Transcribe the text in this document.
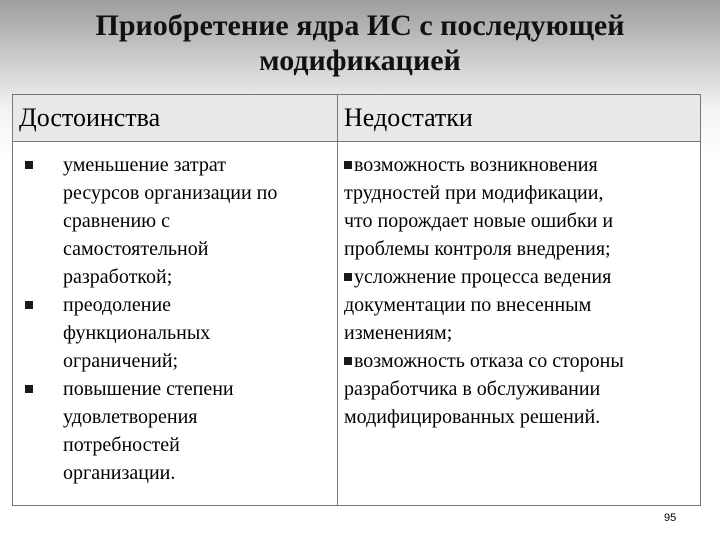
Приобретение ядра ИС с последующей
модификацией
Достоинства	Недостатки
уменьшение затрат
ресурсов организации по
сравнению с
самостоятельной
разработкой;
преодоление
функциональных
ограничений;
повышение степени
удовлетворения
потребностей
организации.
возможность возникновения
трудностей при модификации,
что порождает новые ошибки и
проблемы контроля внедрения;
усложнение процесса ведения
документации по внесенным
изменениям;
возможность отказа со стороны
разработчика в обслуживании
модифицированных решений.
95
